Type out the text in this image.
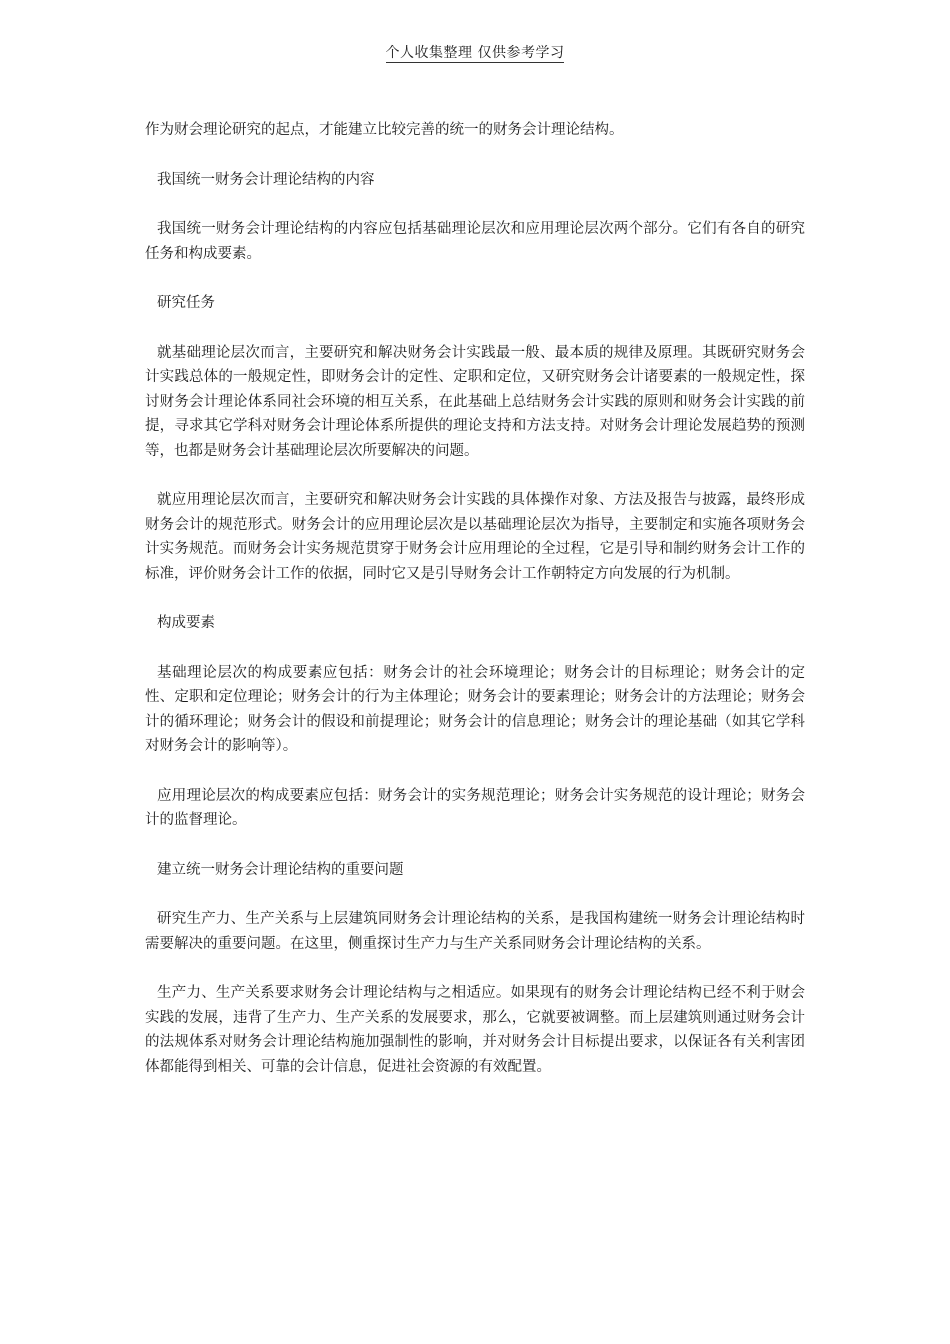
个人收集整理 仅供参考学习

作为财会理论研究的起点，才能建立比较完善的统一的财务会计理论结构。

我国统一财务会计理论结构的内容

我国统一财务会计理论结构的内容应包括基础理论层次和应用理论层次两个部分。它们有各自的研究任务和构成要素。

研究任务

就基础理论层次而言，主要研究和解决财务会计实践最一般、最本质的规律及原理。其既研究财务会计实践总体的一般规定性，即财务会计的定性、定职和定位，又研究财务会计诸要素的一般规定性，探讨财务会计理论体系同社会环境的相互关系，在此基础上总结财务会计实践的原则和财务会计实践的前提，寻求其它学科对财务会计理论体系所提供的理论支持和方法支持。对财务会计理论发展趋势的预测等，也都是财务会计基础理论层次所要解决的问题。

就应用理论层次而言，主要研究和解决财务会计实践的具体操作对象、方法及报告与披露，最终形成财务会计的规范形式。财务会计的应用理论层次是以基础理论层次为指导，主要制定和实施各项财务会计实务规范。而财务会计实务规范贯穿于财务会计应用理论的全过程，它是引导和制约财务会计工作的标准，评价财务会计工作的依据，同时它又是引导财务会计工作朝特定方向发展的行为机制。

构成要素

基础理论层次的构成要素应包括：财务会计的社会环境理论；财务会计的目标理论；财务会计的定性、定职和定位理论；财务会计的行为主体理论；财务会计的要素理论；财务会计的方法理论；财务会计的循环理论；财务会计的假设和前提理论；财务会计的信息理论；财务会计的理论基础（如其它学科对财务会计的影响等）。

应用理论层次的构成要素应包括：财务会计的实务规范理论；财务会计实务规范的设计理论；财务会计的监督理论。

建立统一财务会计理论结构的重要问题

研究生产力、生产关系与上层建筑同财务会计理论结构的关系，是我国构建统一财务会计理论结构时需要解决的重要问题。在这里，侧重探讨生产力与生产关系同财务会计理论结构的关系。

生产力、生产关系要求财务会计理论结构与之相适应。如果现有的财务会计理论结构已经不利于财会实践的发展，违背了生产力、生产关系的发展要求，那么，它就要被调整。而上层建筑则通过财务会计的法规体系对财务会计理论结构施加强制性的影响，并对财务会计目标提出要求，以保证各有关利害团体都能得到相关、可靠的会计信息，促进社会资源的有效配置。
